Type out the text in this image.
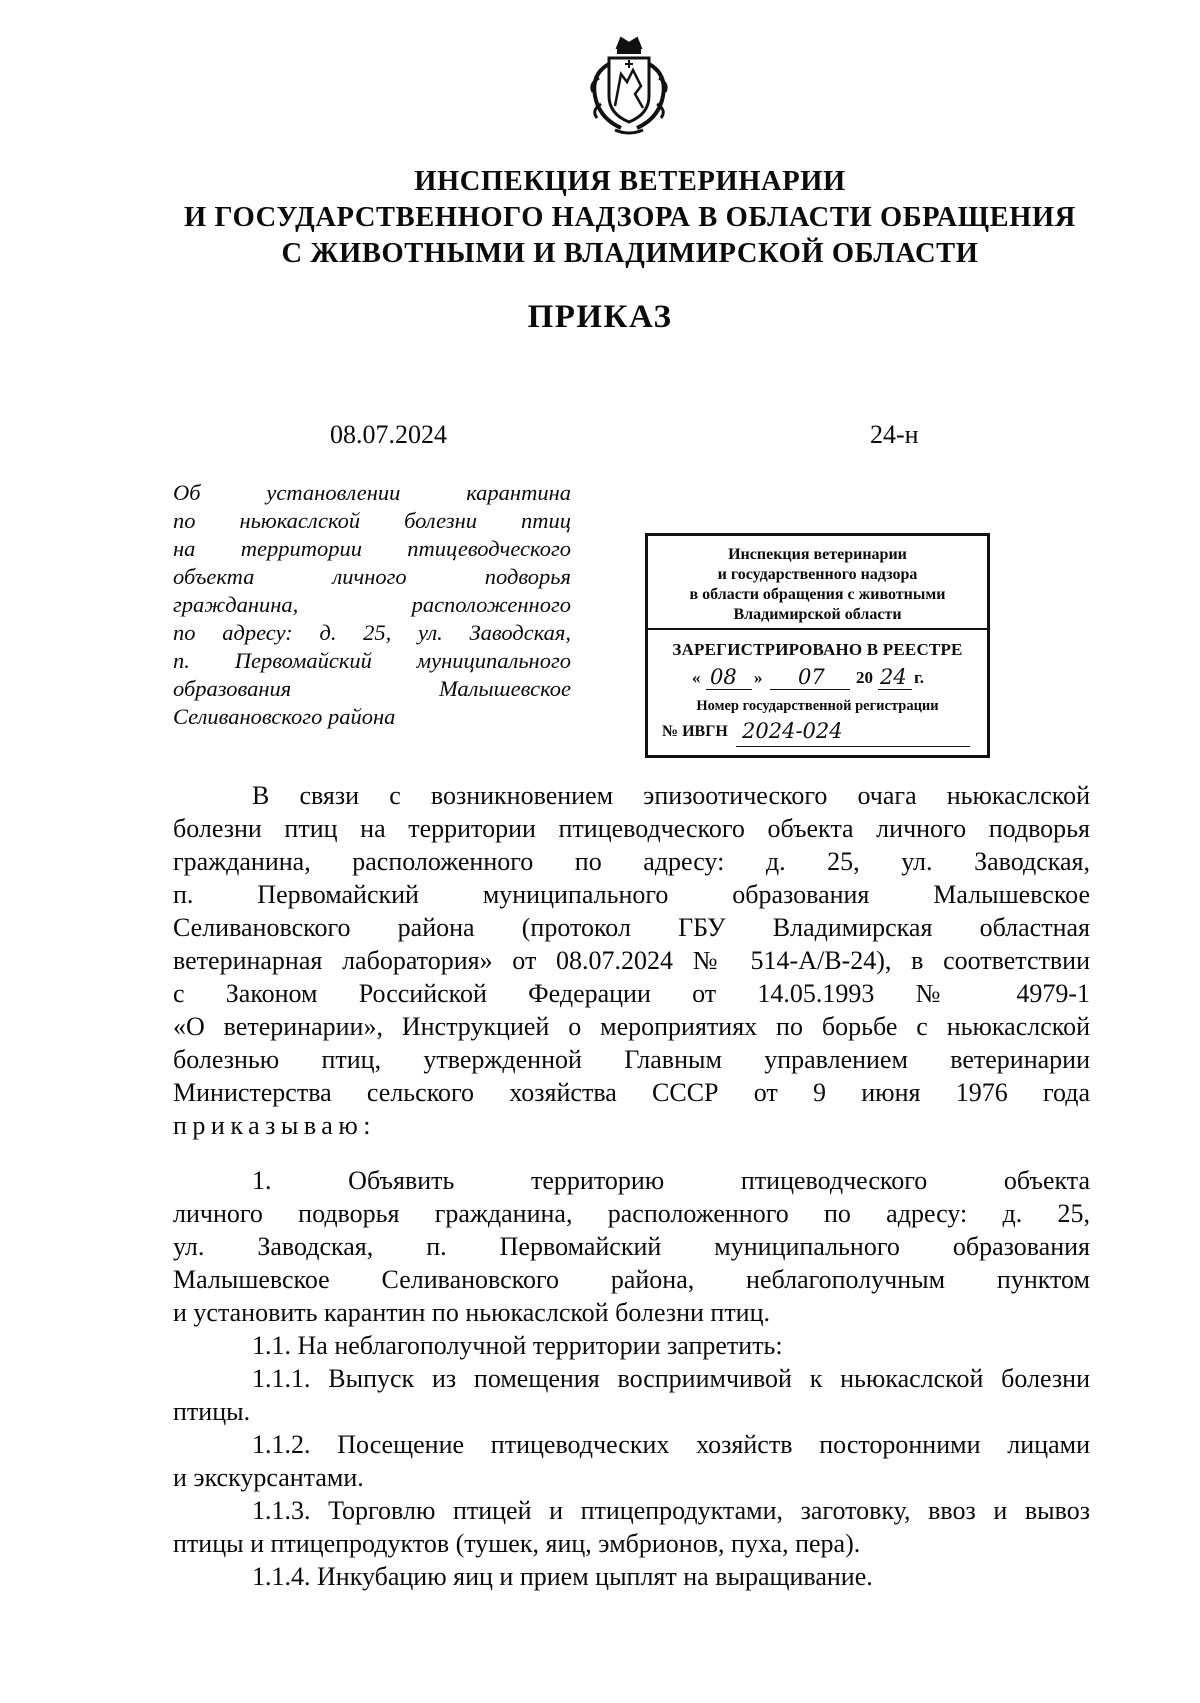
ИНСПЕКЦИЯ ВЕТЕРИНАРИИ
И ГОСУДАРСТВЕННОГО НАДЗОРА В ОБЛАСТИ ОБРАЩЕНИЯ
С ЖИВОТНЫМИ И ВЛАДИМИРСКОЙ ОБЛАСТИ
ПРИКАЗ
08.07.2024	24-н
Об установлении карантина
по ньюкаслской болезни птиц
на территории птицеводческого
объекта личного подворья
гражданина, расположенного
по адресу: д. 25, ул. Заводская,
п. Первомайский муниципального
образования Малышевское
Селивановского района
Инспекция ветеринарии
и государственного надзора
в области обращения с животными
Владимирской области
ЗАРЕГИСТРИРОВАНО В РЕЕСТРЕ
« 08 » 07 20 24 г.
Номер государственной регистрации
№ ИВГН 2024-024
В связи с возникновением эпизоотического очага ньюкаслской
болезни птиц на территории птицеводческого объекта личного подворья
гражданина, расположенного по адресу: д. 25, ул. Заводская,
п. Первомайский муниципального образования Малышевское
Селивановского района (протокол ГБУ Владимирская областная
ветеринарная лаборатория» от 08.07.2024 № 514-А/В-24), в соответствии
с Законом Российской Федерации от 14.05.1993 № 4979-1
«О ветеринарии», Инструкцией о мероприятиях по борьбе с ньюкаслской
болезнью птиц, утвержденной Главным управлением ветеринарии
Министерства сельского хозяйства СССР от 9 июня 1976 года
приказываю:
1. Объявить территорию птицеводческого объекта
личного подворья гражданина, расположенного по адресу: д. 25,
ул. Заводская, п. Первомайский муниципального образования
Малышевское Селивановского района, неблагополучным пунктом
и установить карантин по ньюкаслской болезни птиц.
1.1. На неблагополучной территории запретить:
1.1.1. Выпуск из помещения восприимчивой к ньюкаслской болезни
птицы.
1.1.2. Посещение птицеводческих хозяйств посторонними лицами
и экскурсантами.
1.1.3. Торговлю птицей и птицепродуктами, заготовку, ввоз и вывоз
птицы и птицепродуктов (тушек, яиц, эмбрионов, пуха, пера).
1.1.4. Инкубацию яиц и прием цыплят на выращивание.
